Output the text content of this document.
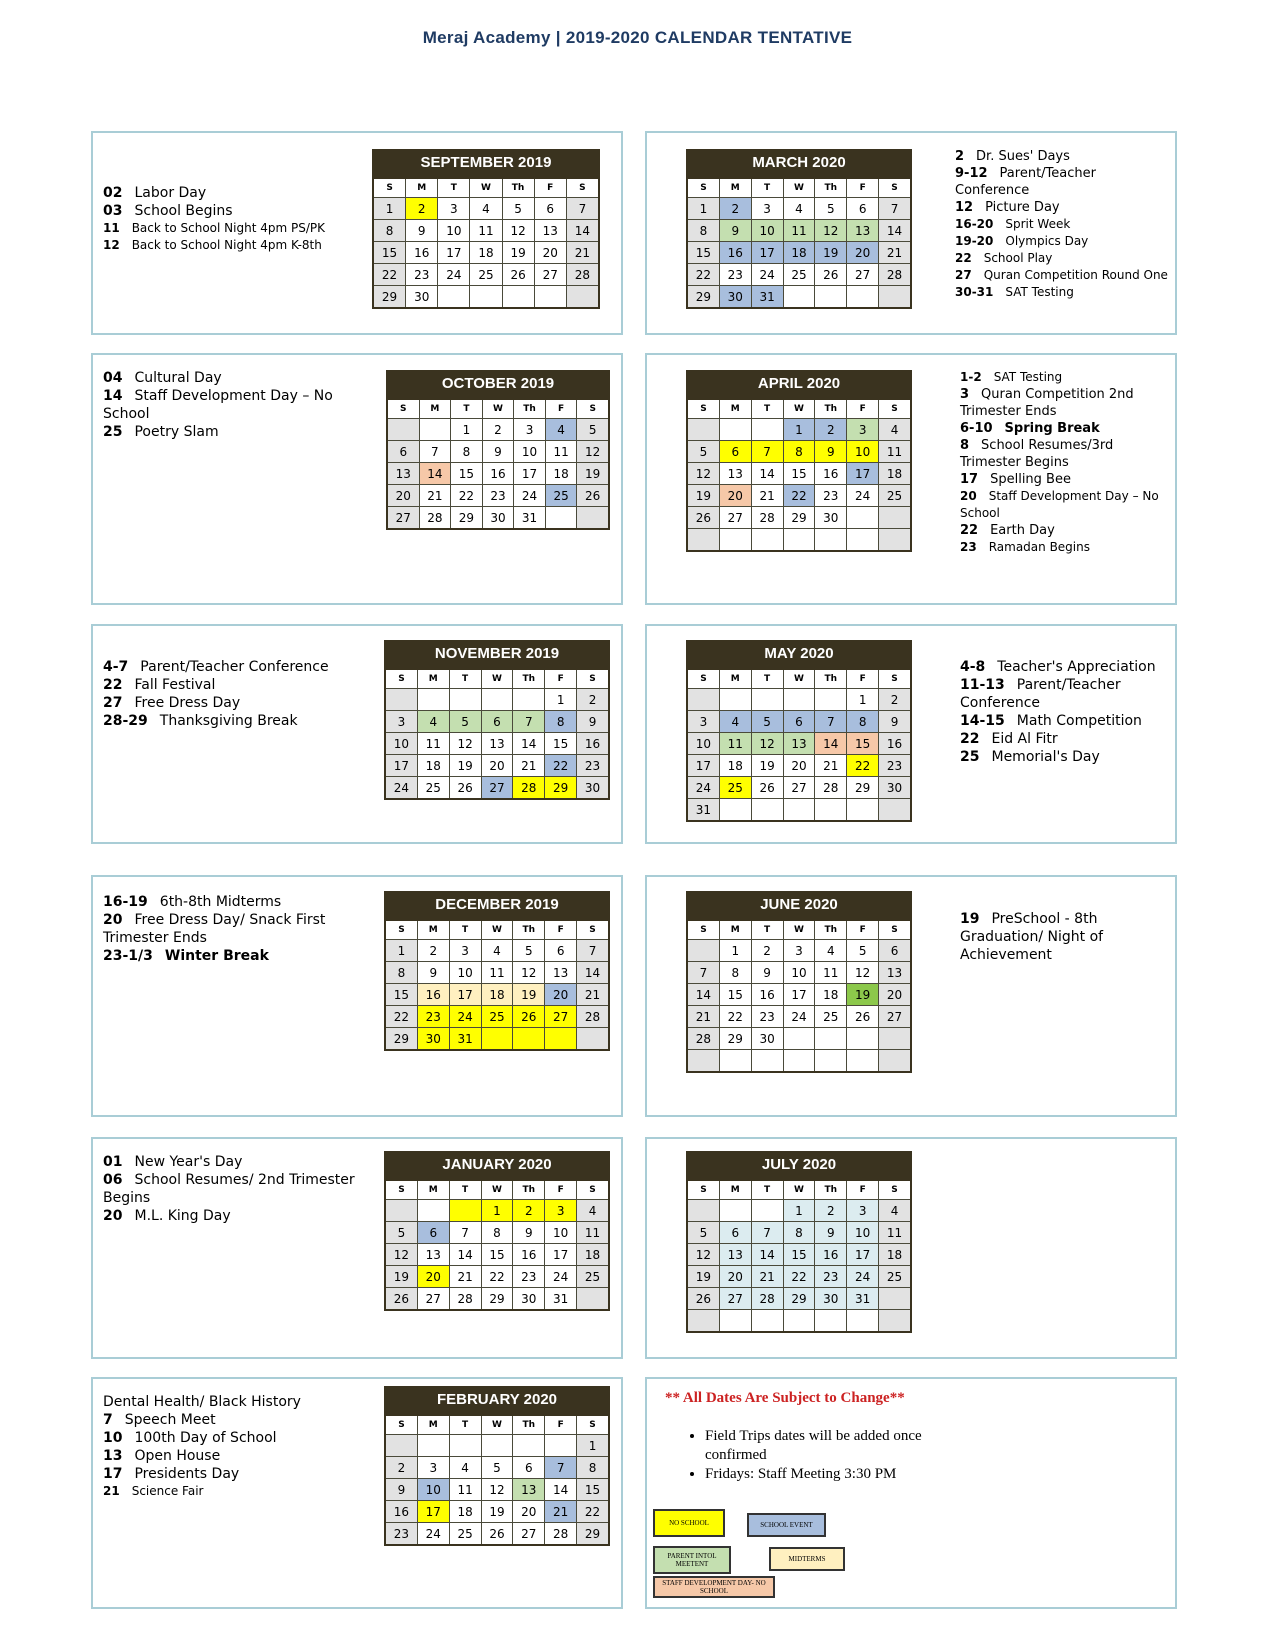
Meraj Academy | 2019-2020 CALENDAR TENTATIVE
02 Labor Day
03 School Begins
11 Back to School Night 4pm PS/PK
12 Back to School Night 4pm K-8th
04 Cultural Day
14 Staff Development Day – No School
25 Poetry Slam
4-7 Parent/Teacher Conference
22 Fall Festival
27 Free Dress Day
28-29 Thanksgiving Break
16-19 6th-8th Midterms
20 Free Dress Day/ Snack First Trimester Ends
23-1/3 Winter Break
01 New Year's Day
06 School Resumes/ 2nd Trimester Begins
20 M.L. King Day
Dental Health/ Black History
7 Speech Meet
10 100th Day of School
13 Open House
17 Presidents Day
21 Science Fair
2 Dr. Sues' Days
9-12 Parent/Teacher Conference
12 Picture Day
16-20 Sprit Week
19-20 Olympics Day
22 School Play
27 Quran Competition Round One
30-31 SAT Testing
1-2 SAT Testing
3 Quran Competition 2nd Trimester Ends
6-10 Spring Break
8 School Resumes/3rd Trimester Begins
17 Spelling Bee
20 Staff Development Day – No School
22 Earth Day
23 Ramadan Begins
4-8 Teacher's Appreciation
11-13 Parent/Teacher Conference
14-15 Math Competition
22 Eid Al Fitr
25 Memorial's Day
19 PreSchool - 8th Graduation/ Night of Achievement
SEPTEMBER 2019
S	M	T	W	Th	F	S
1	2	3	4	5	6	7
8	9	10	11	12	13	14
15	16	17	18	19	20	21
22	23	24	25	26	27	28
29	30					
OCTOBER 2019
S	M	T	W	Th	F	S
		1	2	3	4	5
6	7	8	9	10	11	12
13	14	15	16	17	18	19
20	21	22	23	24	25	26
27	28	29	30	31		
NOVEMBER 2019
S	M	T	W	Th	F	S
					1	2
3	4	5	6	7	8	9
10	11	12	13	14	15	16
17	18	19	20	21	22	23
24	25	26	27	28	29	30
DECEMBER 2019
S	M	T	W	Th	F	S
1	2	3	4	5	6	7
8	9	10	11	12	13	14
15	16	17	18	19	20	21
22	23	24	25	26	27	28
29	30	31				
JANUARY 2020
S	M	T	W	Th	F	S
			1	2	3	4
5	6	7	8	9	10	11
12	13	14	15	16	17	18
19	20	21	22	23	24	25
26	27	28	29	30	31	
FEBRUARY 2020
S	M	T	W	Th	F	S
						1
2	3	4	5	6	7	8
9	10	11	12	13	14	15
16	17	18	19	20	21	22
23	24	25	26	27	28	29
MARCH 2020
S	M	T	W	Th	F	S
1	2	3	4	5	6	7
8	9	10	11	12	13	14
15	16	17	18	19	20	21
22	23	24	25	26	27	28
29	30	31				
APRIL 2020
S	M	T	W	Th	F	S
			1	2	3	4
5	6	7	8	9	10	11
12	13	14	15	16	17	18
19	20	21	22	23	24	25
26	27	28	29	30		

MAY 2020
S	M	T	W	Th	F	S
					1	2
3	4	5	6	7	8	9
10	11	12	13	14	15	16
17	18	19	20	21	22	23
24	25	26	27	28	29	30
31						
JUNE 2020
S	M	T	W	Th	F	S
	1	2	3	4	5	6
7	8	9	10	11	12	13
14	15	16	17	18	19	20
21	22	23	24	25	26	27
28	29	30				

JULY 2020
S	M	T	W	Th	F	S
			1	2	3	4
5	6	7	8	9	10	11
12	13	14	15	16	17	18
19	20	21	22	23	24	25
26	27	28	29	30	31	

** All Dates Are Subject to Change**
• Field Trips dates will be added once confirmed
• Fridays: Staff Meeting 3:30 PM
NO SCHOOL	SCHOOL EVENT
PARENT INTOL MEETENT
MIDTERMS
STAFF DEVELOPMENT DAY- NO SCHOOL
